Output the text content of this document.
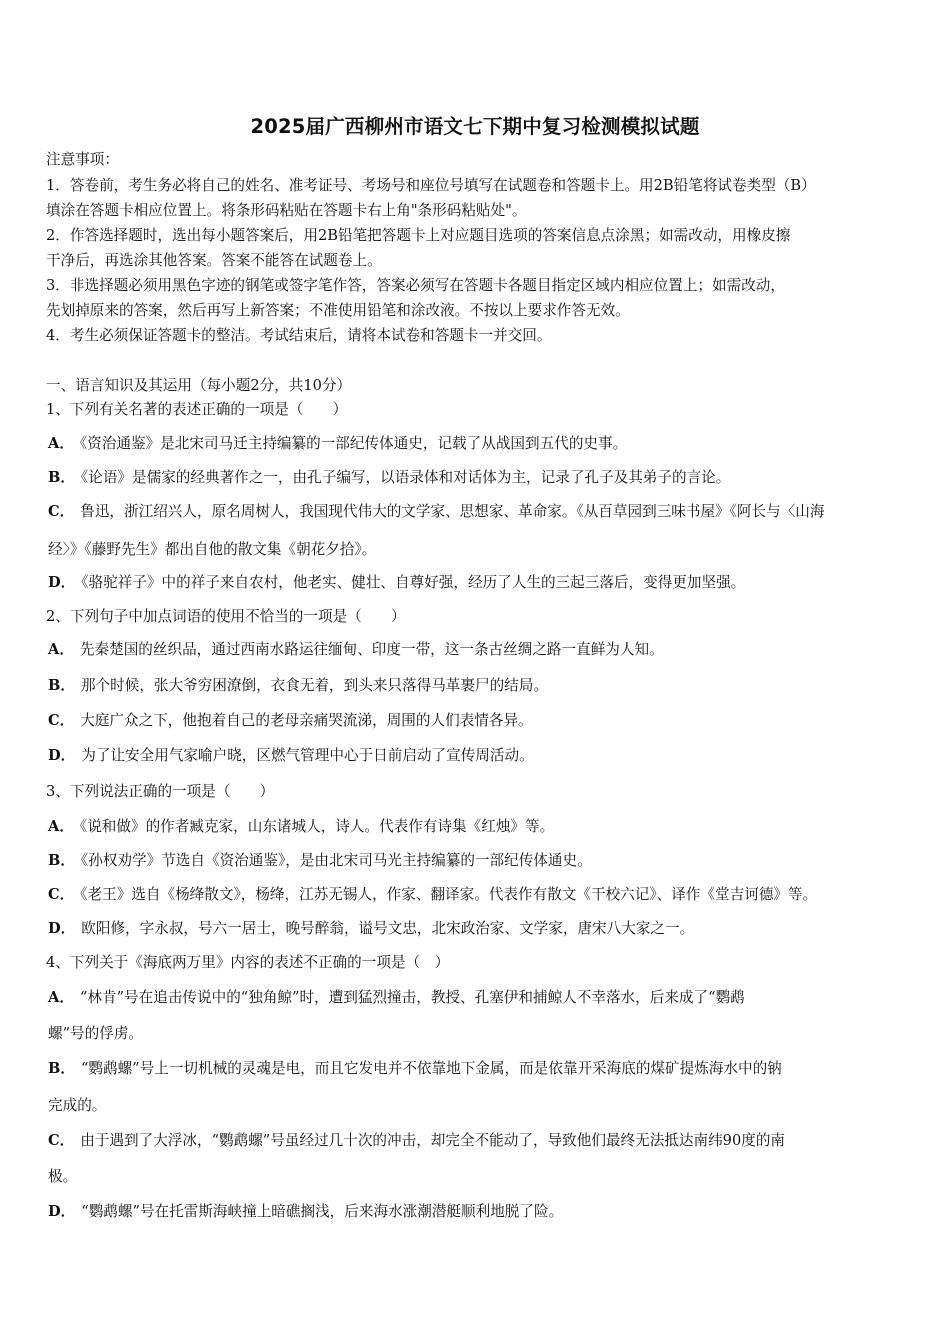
2025届广西柳州市语文七下期中复习检测模拟试题
注意事项：
1．答卷前，考生务必将自己的姓名、准考证号、考场号和座位号填写在试题卷和答题卡上。用2B铅笔将试卷类型（B）
填涂在答题卡相应位置上。将条形码粘贴在答题卡右上角"条形码粘贴处"。
2．作答选择题时，选出每小题答案后，用2B铅笔把答题卡上对应题目选项的答案信息点涂黑；如需改动，用橡皮擦
干净后，再选涂其他答案。答案不能答在试题卷上。
3．非选择题必须用黑色字迹的钢笔或签字笔作答，答案必须写在答题卡各题目指定区域内相应位置上；如需改动，
先划掉原来的答案，然后再写上新答案；不准使用铅笔和涂改液。不按以上要求作答无效。
4．考生必须保证答题卡的整洁。考试结束后，请将本试卷和答题卡一并交回。
一、语言知识及其运用（每小题2分，共10分）
1、下列有关名著的表述正确的一项是（　　）
A． 《资治通鉴》是北宋司马迁主持编纂的一部纪传体通史，记载了从战国到五代的史事。
B． 《论语》是儒家的经典著作之一，由孔子编写，以语录体和对话体为主，记录了孔子及其弟子的言论。
C． 鲁迅，浙江绍兴人，原名周树人，我国现代伟大的文学家、思想家、革命家。《从百草园到三味书屋》《阿长与〈山海
经〉》《藤野先生》都出自他的散文集《朝花夕拾》。
D． 《骆驼祥子》中的祥子来自农村，他老实、健壮、自尊好强，经历了人生的三起三落后，变得更加坚强。
2、下列句子中加点词语的使用不恰当的一项是（　　）
A． 先秦楚国的丝织品，通过西南水路运往缅甸、印度一带，这一条古丝绸之路一直鲜为人知。
B． 那个时候，张大爷穷困潦倒，衣食无着，到头来只落得马革裹尸的结局。
C． 大庭广众之下，他抱着自己的老母亲痛哭流涕，周围的人们表情各异。
D． 为了让安全用气家喻户晓，区燃气管理中心于日前启动了宣传周活动。
3、下列说法正确的一项是（　　）
A． 《说和做》的作者臧克家，山东诸城人，诗人。代表作有诗集《红烛》等。
B． 《孙权劝学》节选自《资治通鉴》，是由北宋司马光主持编纂的一部纪传体通史。
C． 《老王》选自《杨绛散文》，杨绛，江苏无锡人，作家、翻译家。代表作有散文《干校六记》、译作《堂吉诃德》等。
D． 欧阳修，字永叔，号六一居士，晚号醉翁，谥号文忠，北宋政治家、文学家，唐宋八大家之一。
4、下列关于《海底两万里》内容的表述不正确的一项是（　）
A． “林肯”号在追击传说中的“独角鲸”时，遭到猛烈撞击，教授、孔塞伊和捕鲸人不幸落水，后来成了“鹦鹉
螺”号的俘虏。
B． “鹦鹉螺”号上一切机械的灵魂是电，而且它发电并不依靠地下金属，而是依靠开采海底的煤矿提炼海水中的钠
完成的。
C． 由于遇到了大浮冰，“鹦鹉螺”号虽经过几十次的冲击，却完全不能动了，导致他们最终无法抵达南纬90度的南
极。
D． “鹦鹉螺”号在托雷斯海峡撞上暗礁搁浅，后来海水涨潮潜艇顺利地脱了险。
